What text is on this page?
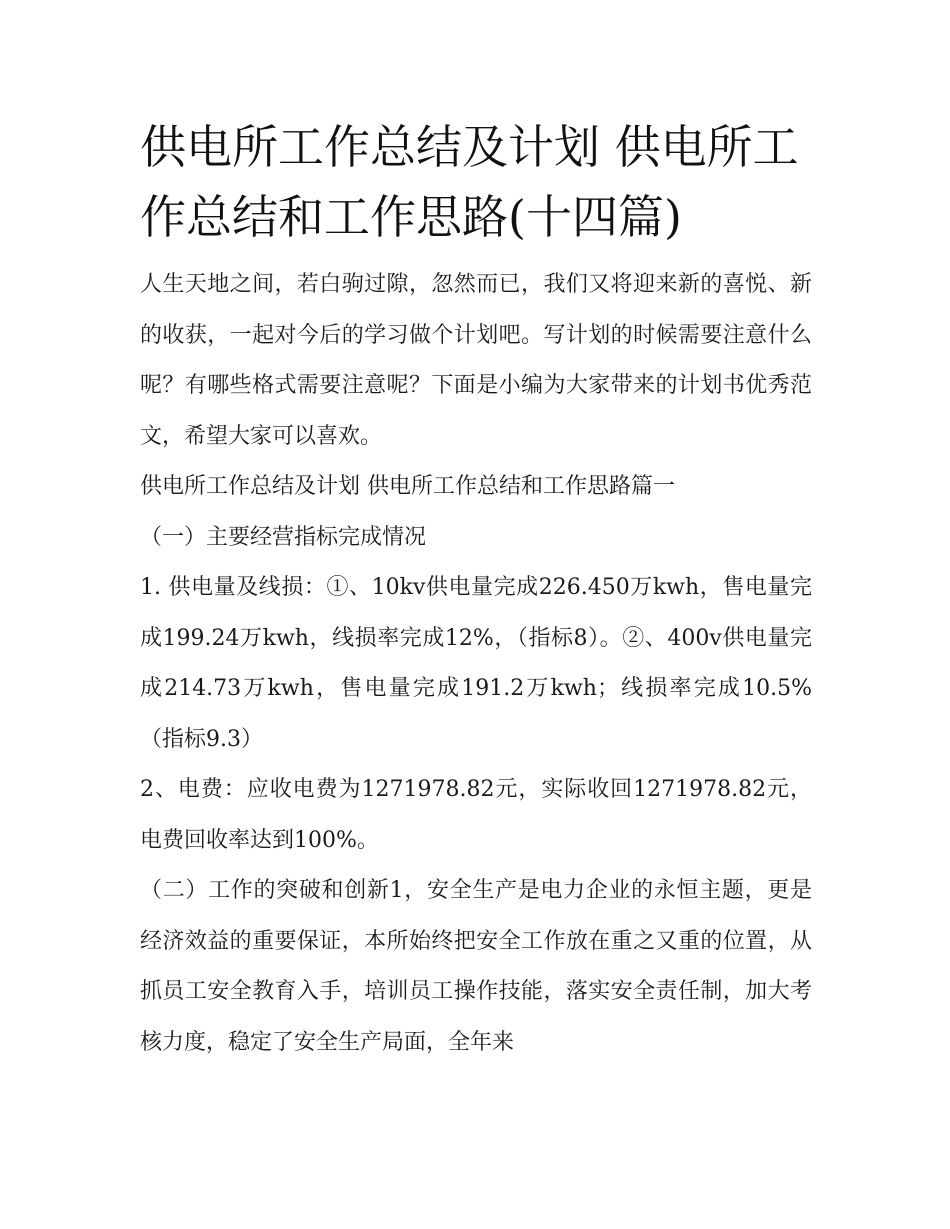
供电所工作总结及计划 供电所工作总结和工作思路(十四篇)

人生天地之间，若白驹过隙，忽然而已，我们又将迎来新的喜悦、新的收获，一起对今后的学习做个计划吧。写计划的时候需要注意什么呢？有哪些格式需要注意呢？下面是小编为大家带来的计划书优秀范文，希望大家可以喜欢。

供电所工作总结及计划 供电所工作总结和工作思路篇一

（一）主要经营指标完成情况

1. 供电量及线损：①、10kv供电量完成226.450万kwh，售电量完成199.24万kwh，线损率完成12%，（指标8）。②、400v供电量完成214.73万kwh，售电量完成191.2万kwh；线损率完成10.5%（指标9.3）

2、电费：应收电费为1271978.82元，实际收回1271978.82元，电费回收率达到100%。

（二）工作的突破和创新1，安全生产是电力企业的永恒主题，更是经济效益的重要保证，本所始终把安全工作放在重之又重的位置，从抓员工安全教育入手，培训员工操作技能，落实安全责任制，加大考核力度，稳定了安全生产局面，全年来
